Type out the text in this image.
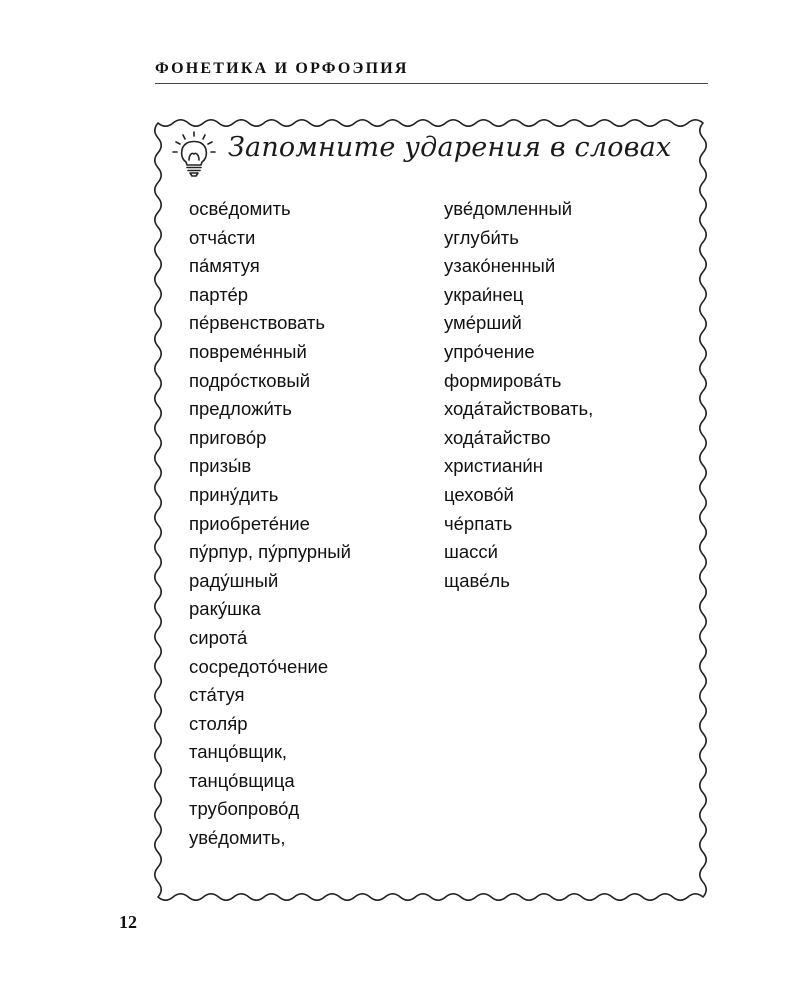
ФОНЕТИКА И ОРФОЭПИЯ
Запомните ударения в словах
осве́домить
отча́сти
па́мятуя
парте́р
пе́рвенствовать
повреме́нный
подро́стковый
предложи́ть
пригово́р
призы́в
прину́дить
приобрете́ние
пу́рпур, пу́рпурный
раду́шный
раку́шка
сирота́
сосредото́чение
ста́туя
столя́р
танцо́вщик,
танцо́вщица
трубопрово́д
уве́домить,
уве́домленный
углуби́ть
узако́ненный
украи́нец
уме́рший
упро́чение
формирова́ть
хода́тайствовать,
хода́тайство
христиани́н
цехово́й
че́рпать
шасси́
щаве́ль
12
